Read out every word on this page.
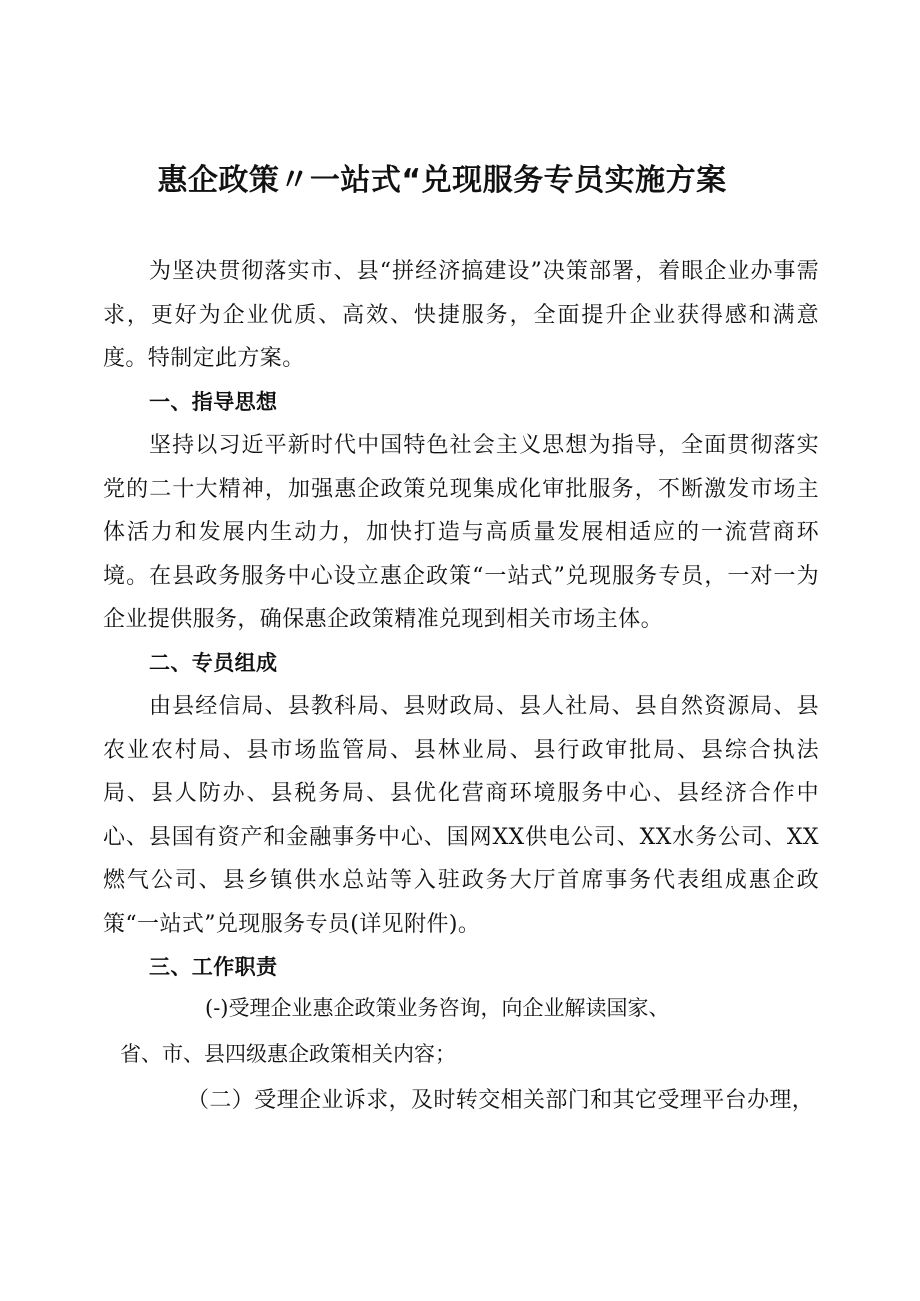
惠企政策〃一站式“兑现服务专员实施方案

为坚决贯彻落实市、县“拼经济搞建设”决策部署，着眼企业办事需求，更好为企业优质、高效、快捷服务，全面提升企业获得感和满意度。特制定此方案。

一、指导思想

坚持以习近平新时代中国特色社会主义思想为指导，全面贯彻落实党的二十大精神，加强惠企政策兑现集成化审批服务，不断激发市场主体活力和发展内生动力，加快打造与高质量发展相适应的一流营商环境。在县政务服务中心设立惠企政策“一站式”兑现服务专员，一对一为企业提供服务，确保惠企政策精准兑现到相关市场主体。

二、专员组成

由县经信局、县教科局、县财政局、县人社局、县自然资源局、县农业农村局、县市场监管局、县林业局、县行政审批局、县综合执法局、县人防办、县税务局、县优化营商环境服务中心、县经济合作中心、县国有资产和金融事务中心、国网XX供电公司、XX水务公司、XX燃气公司、县乡镇供水总站等入驻政务大厅首席事务代表组成惠企政策“一站式”兑现服务专员(详见附件)。

三、工作职责

(-)受理企业惠企政策业务咨询，向企业解读国家、

省、市、县四级惠企政策相关内容；

（二）受理企业诉求，及时转交相关部门和其它受理平台办理，
